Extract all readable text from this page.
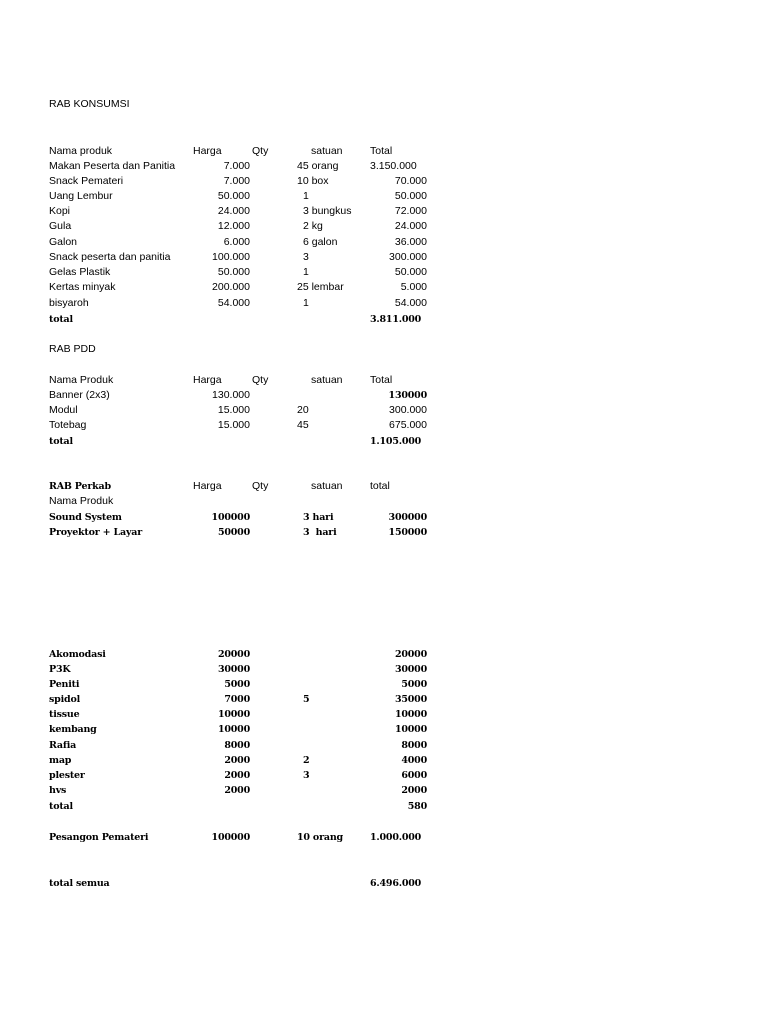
RAB KONSUMSI
Nama produk	Harga	Qty	satuan	Total
Makan Peserta dan Panitia	7.000	45 orang	3.150.000
Snack Pemateri	7.000	10 box	70.000
Uang Lembur	50.000	1	50.000
Kopi	24.000	3 bungkus	72.000
Gula	12.000	2 kg	24.000
Galon	6.000	6 galon	36.000
Snack peserta dan panitia	100.000	3	300.000
Gelas Plastik	50.000	1	50.000
Kertas minyak	200.000	25 lembar	5.000
bisyaroh	54.000	1	54.000
total	3.811.000
RAB PDD
Nama Produk	Harga	Qty	satuan	Total
Banner (2x3)	130.000	130000
Modul	15.000	20	300.000
Totebag	15.000	45	675.000
total	1.105.000
RAB Perkab	Harga	Qty	satuan	total
Nama Produk
Sound System	100000	3 hari	300000
Proyektor + Layar	50000	3  hari	150000
Akomodasi	20000	20000
P3K	30000	30000
Peniti	5000	5000
spidol	7000	5	35000
tissue	10000	10000
kembang	10000	10000
Rafia	8000	8000
map	2000	2	4000
plester	2000	3	6000
hvs	2000	2000
total	580
Pesangon Pemateri	100000	10 orang	1.000.000
total semua	6.496.000
